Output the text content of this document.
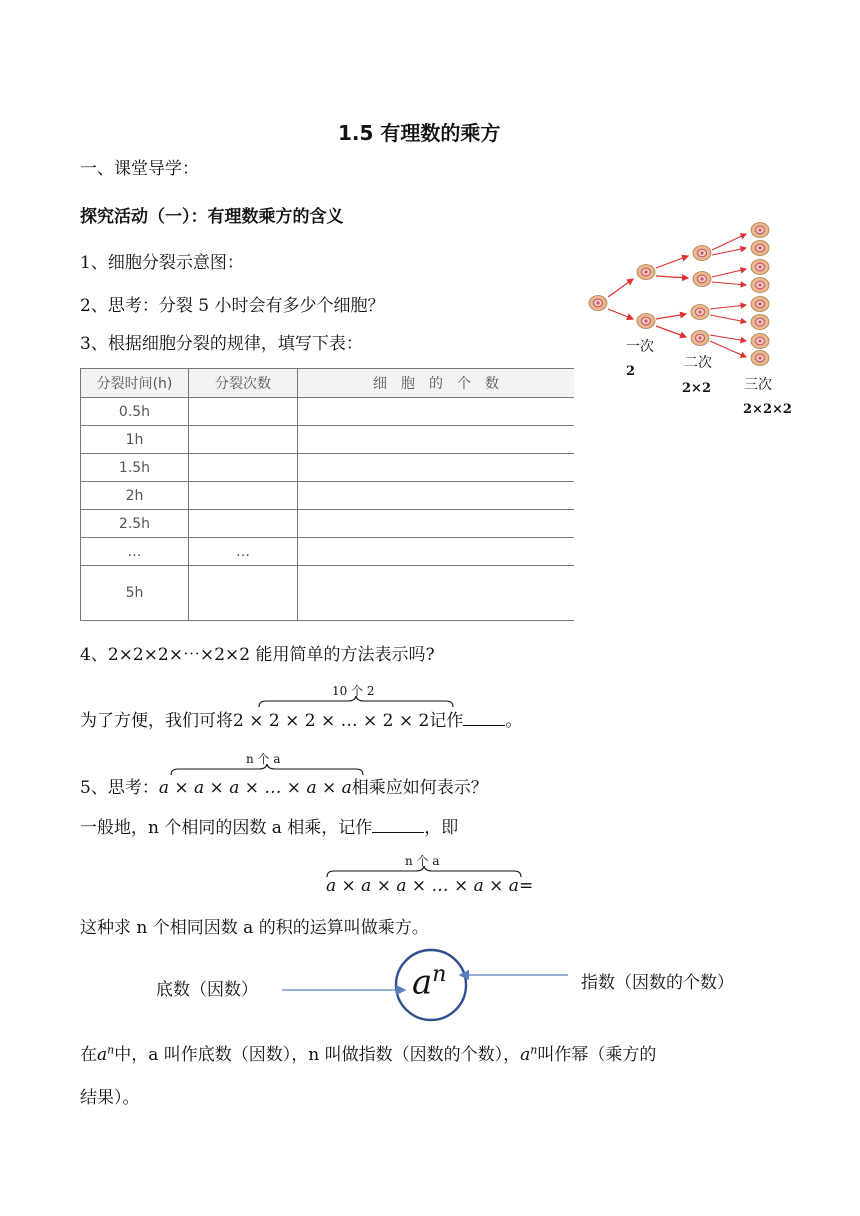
1.5 有理数的乘方
一、课堂导学：
探究活动（一）：有理数乘方的含义
1、细胞分裂示意图：
2、思考：分裂 5 小时会有多少个细胞？
3、根据细胞分裂的规律，填写下表：	一次
2
二次
2×2 三次
2×2×2
分裂时间(h)	分裂次数	细　胞　的　个　数
0.5h		
1h		
1.5h		
2h		
2.5h		
…	…	
5h		
4、2×2×2×⋯×2×2 能用简单的方法表示吗?
10 个 2
为了方便，我们可将2 × 2 × 2 × … × 2 × 2记作 。
n 个 a
5、思考：a × a × a × … × a × a相乘应如何表示？
一般地，n 个相同的因数 a 相乘，记作	，即
n 个 a
a × a × a × … × a × a=
这种求 n 个相同因数 a 的积的运算叫做乘方。
底数（因数）	指数（因数的个数）
$a^n$
在$a^n$中，a 叫作底数（因数），n 叫做指数（因数的个数），$a^n$叫作幂（乘方的
结果）。
